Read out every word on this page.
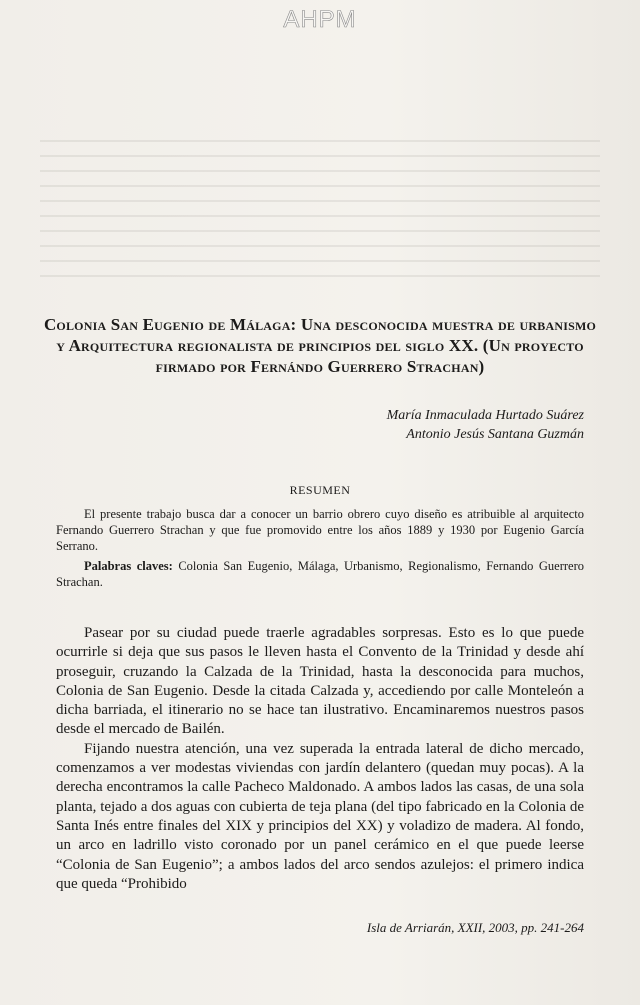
AHPM
Colonia San Eugenio de Málaga: Una desconocida muestra de urbanismo y Arquitectura regionalista de principios del siglo XX. (Un proyecto firmado por Fernándo Guerrero Strachan)
María Inmaculada Hurtado Suárez
Antonio Jesús Santana Guzmán
RESUMEN

El presente trabajo busca dar a conocer un barrio obrero cuyo diseño es atribuible al arquitecto Fernando Guerrero Strachan y que fue promovido entre los años 1889 y 1930 por Eugenio García Serrano.

Palabras claves: Colonia San Eugenio, Málaga, Urbanismo, Regionalismo, Fernando Guerrero Strachan.

Pasear por su ciudad puede traerle agradables sorpresas. Esto es lo que puede ocurrirle si deja que sus pasos le lleven hasta el Convento de la Trinidad y desde ahí proseguir, cruzando la Calzada de la Trinidad, hasta la desconocida para muchos, Colonia de San Eugenio. Desde la citada Calzada y, accediendo por calle Monteleón a dicha barriada, el itinerario no se hace tan ilustrativo. Encaminaremos nuestros pasos desde el mercado de Bailén.

Fijando nuestra atención, una vez superada la entrada lateral de dicho mercado, comenzamos a ver modestas viviendas con jardín delantero (quedan muy pocas). A la derecha encontramos la calle Pacheco Maldonado. A ambos lados las casas, de una sola planta, tejado a dos aguas con cubierta de teja plana (del tipo fabricado en la Colonia de Santa Inés entre finales del XIX y principios del XX) y voladizo de madera. Al fondo, un arco en ladrillo visto coronado por un panel cerámico en el que puede leerse “Colonia de San Eugenio”; a ambos lados del arco sendos azulejos: el primero indica que queda “Prohibido

Isla de Arriarán, XXII, 2003, pp. 241-264
